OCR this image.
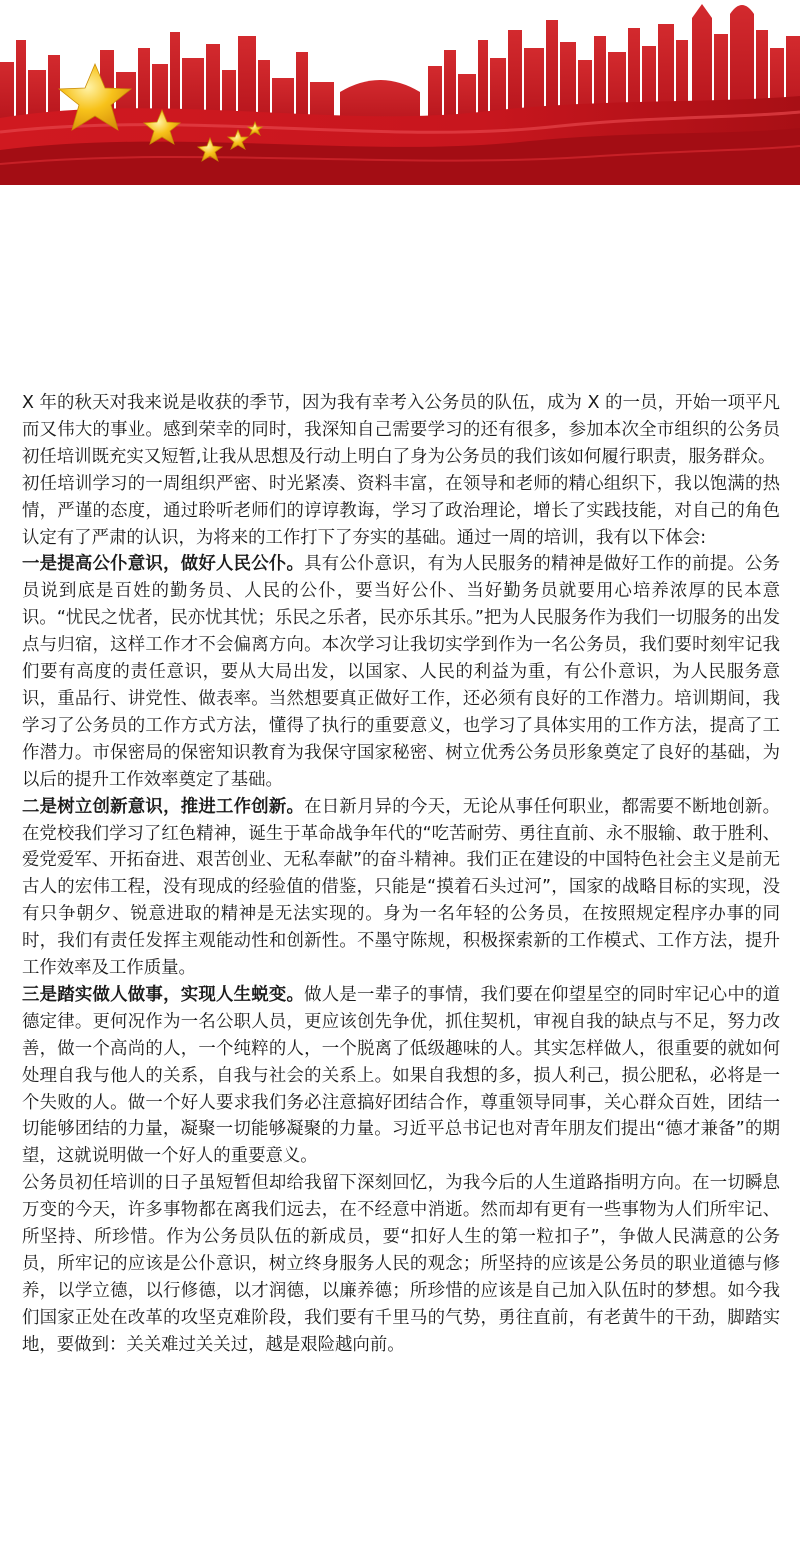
X 年的秋天对我来说是收获的季节，因为我有幸考入公务员的队伍，成为 X 的一员，开始一项平凡而又伟大的事业。感到荣幸的同时，我深知自己需要学习的还有很多，参加本次全市组织的公务员初任培训既充实又短暂,让我从思想及行动上明白了身为公务员的我们该如何履行职责，服务群众。

初任培训学习的一周组织严密、时光紧凑、资料丰富，在领导和老师的精心组织下，我以饱满的热情，严谨的态度，通过聆听老师们的谆谆教诲，学习了政治理论，增长了实践技能，对自己的角色认定有了严肃的认识，为将来的工作打下了夯实的基础。通过一周的培训，我有以下体会:

一是提高公仆意识，做好人民公仆。具有公仆意识，有为人民服务的精神是做好工作的前提。公务员说到底是百姓的勤务员、人民的公仆，要当好公仆、当好勤务员就要用心培养浓厚的民本意识。“忧民之忧者，民亦忧其忧；乐民之乐者，民亦乐其乐。”把为人民服务作为我们一切服务的出发点与归宿，这样工作才不会偏离方向。本次学习让我切实学到作为一名公务员，我们要时刻牢记我们要有高度的责任意识，要从大局出发，以国家、人民的利益为重，有公仆意识，为人民服务意识，重品行、讲党性、做表率。当然想要真正做好工作，还必须有良好的工作潜力。培训期间，我学习了公务员的工作方式方法，懂得了执行的重要意义，也学习了具体实用的工作方法，提高了工作潜力。市保密局的保密知识教育为我保守国家秘密、树立优秀公务员形象奠定了良好的基础，为以后的提升工作效率奠定了基础。

二是树立创新意识，推进工作创新。在日新月异的今天，无论从事任何职业，都需要不断地创新。在党校我们学习了红色精神，诞生于革命战争年代的“吃苦耐劳、勇往直前、永不服输、敢于胜利、爱党爱军、开拓奋进、艰苦创业、无私奉献”的奋斗精神。我们正在建设的中国特色社会主义是前无古人的宏伟工程，没有现成的经验值的借鉴，只能是“摸着石头过河”，国家的战略目标的实现，没有只争朝夕、锐意进取的精神是无法实现的。身为一名年轻的公务员，在按照规定程序办事的同时，我们有责任发挥主观能动性和创新性。不墨守陈规，积极探索新的工作模式、工作方法，提升工作效率及工作质量。

三是踏实做人做事，实现人生蜕变。做人是一辈子的事情，我们要在仰望星空的同时牢记心中的道德定律。更何况作为一名公职人员，更应该创先争优，抓住契机，审视自我的缺点与不足，努力改善，做一个高尚的人，一个纯粹的人，一个脱离了低级趣味的人。其实怎样做人，很重要的就如何处理自我与他人的关系，自我与社会的关系上。如果自我想的多，损人利己，损公肥私，必将是一个失败的人。做一个好人要求我们务必注意搞好团结合作，尊重领导同事，关心群众百姓，团结一切能够团结的力量，凝聚一切能够凝聚的力量。习近平总书记也对青年朋友们提出“德才兼备”的期望，这就说明做一个好人的重要意义。

公务员初任培训的日子虽短暂但却给我留下深刻回忆，为我今后的人生道路指明方向。在一切瞬息万变的今天，许多事物都在离我们远去，在不经意中消逝。然而却有更有一些事物为人们所牢记、所坚持、所珍惜。作为公务员队伍的新成员，要“扣好人生的第一粒扣子”，争做人民满意的公务员，所牢记的应该是公仆意识，树立终身服务人民的观念；所坚持的应该是公务员的职业道德与修养，以学立德，以行修德，以才润德，以廉养德；所珍惜的应该是自己加入队伍时的梦想。如今我们国家正处在改革的攻坚克难阶段，我们要有千里马的气势，勇往直前，有老黄牛的干劲，脚踏实地，要做到：关关难过关关过，越是艰险越向前。
